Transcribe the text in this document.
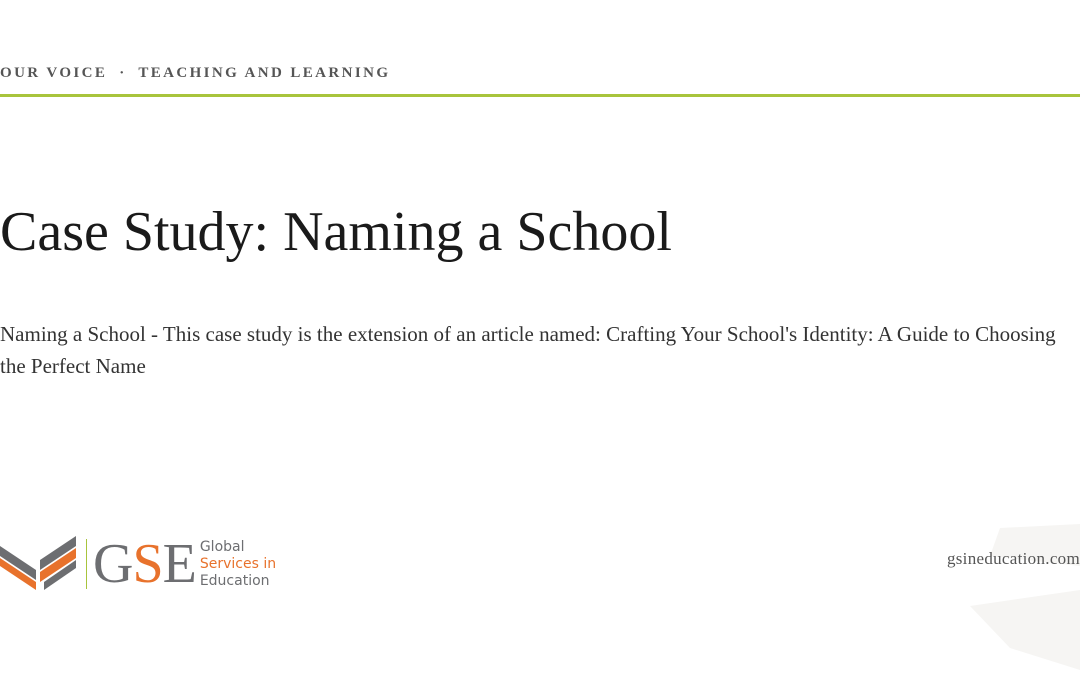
OUR VOICE · TEACHING AND LEARNING
Case Study: Naming a School

Naming a School - This case study is the extension of an article named: Crafting Your School's Identity: A Guide to Choosing the Perfect Name

G S E Global
Services in
Education
gsineducation.com
